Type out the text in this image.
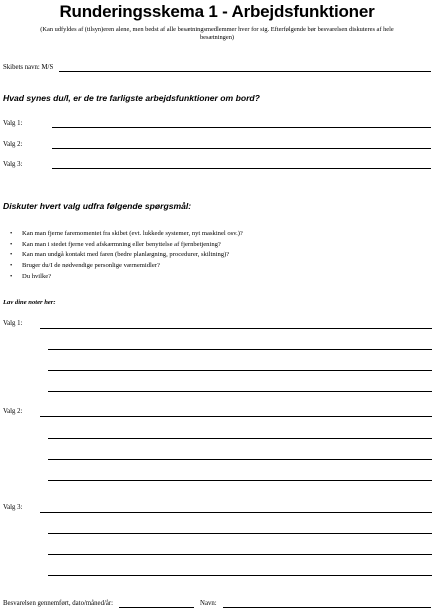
Runderingsskema 1 - Arbejdsfunktioner
(Kan udfyldes af (tilsyn)eren alene, men bedst af alle besætningsmedlemmer hver for sig. Efterfølgende bør besvarelsen diskuteres af hele besætningen)
Skibets navn: M/S
Hvad synes du/I, er de tre farligste arbejdsfunktioner om bord?
Valg 1:
Valg 2:
Valg 3:
Diskuter hvert valg udfra følgende spørgsmål:
•	Kan man fjerne faremomentet fra skibet (evt. lukkede systemer, nyt maskinel osv.)?
•	Kan man i stedet fjerne ved afskærmning eller benyttelse af fjernbetjening?
•	Kan man undgå kontakt med faren (bedre planlægning, procedurer, skiltning)?
•	Bruger du/I de nødvendige personlige værnemidler?
•	Du hvilke?
Lav dine noter her:
Valg 1:
Valg 2:
Valg 3:
Besvarelsen gennemført, dato/måned/år:	Navn:
